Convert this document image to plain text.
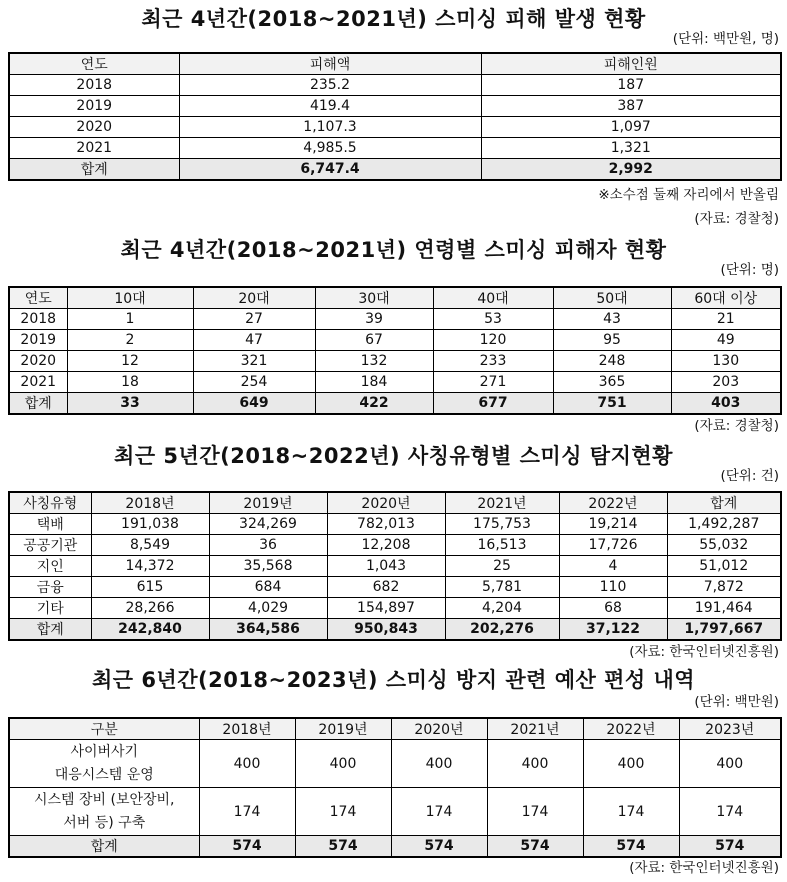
최근 4년간(2018~2021년) 스미싱 피해 발생 현황
(단위: 백만원, 명)
연도	피해액	피해인원
2018	235.2	187
2019	419.4	387
2020	1,107.3	1,097
2021	4,985.5	1,321
합계	6,747.4	2,992
※소수점 둘째 자리에서 반올림
(자료: 경찰청)
최근 4년간(2018~2021년) 연령별 스미싱 피해자 현황
(단위: 명)
연도	10대	20대	30대	40대	50대	60대 이상
2018	1	27	39	53	43	21
2019	2	47	67	120	95	49
2020	12	321	132	233	248	130
2021	18	254	184	271	365	203
합계	33	649	422	677	751	403
(자료: 경찰청)
최근 5년간(2018~2022년) 사칭유형별 스미싱 탐지현황
(단위: 건)
사칭유형	2018년	2019년	2020년	2021년	2022년	합계
택배	191,038	324,269	782,013	175,753	19,214	1,492,287
공공기관	8,549	36	12,208	16,513	17,726	55,032
지인	14,372	35,568	1,043	25	4	51,012
금융	615	684	682	5,781	110	7,872
기타	28,266	4,029	154,897	4,204	68	191,464
합계	242,840	364,586	950,843	202,276	37,122	1,797,667
(자료: 한국인터넷진흥원)
최근 6년간(2018~2023년) 스미싱 방지 관련 예산 편성 내역
(단위: 백만원)
구분	2018년	2019년	2020년	2021년	2022년	2023년
사이버사기
대응시스템 운영	400	400	400	400	400	400
시스템 장비 (보안장비,
서버 등) 구축	174	174	174	174	174	174
합계	574	574	574	574	574	574
(자료: 한국인터넷진흥원)
